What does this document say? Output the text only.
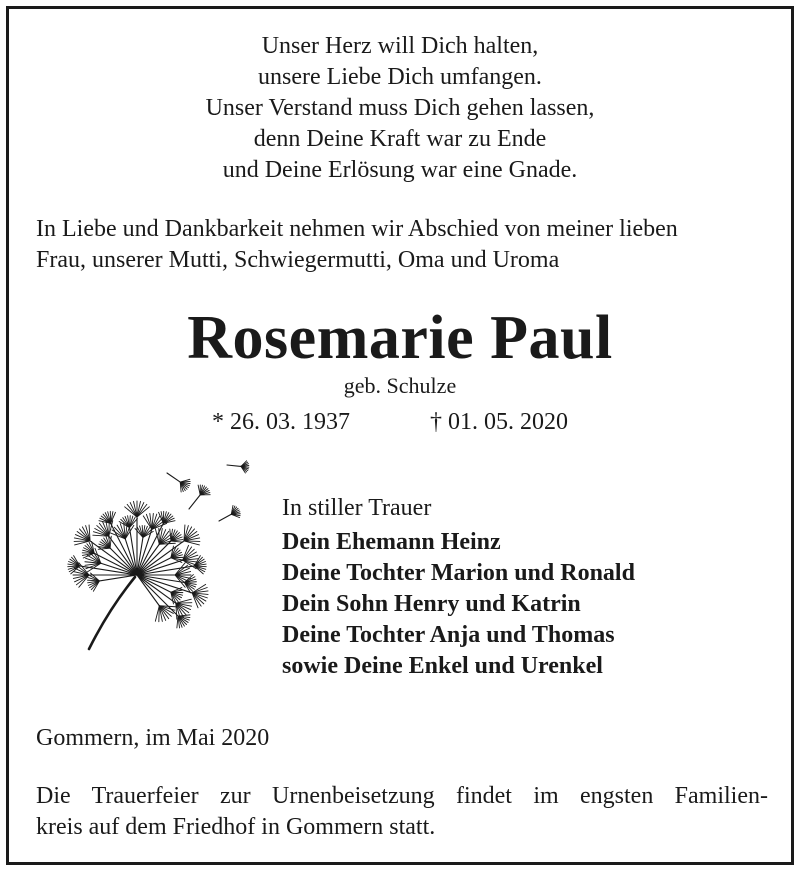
Unser Herz will Dich halten,
unsere Liebe Dich umfangen.
Unser Verstand muss Dich gehen lassen,
denn Deine Kraft war zu Ende
und Deine Erlösung war eine Gnade.
In Liebe und Dankbarkeit nehmen wir Abschied von meiner lieben
Frau, unserer Mutti, Schwiegermutti, Oma und Uroma
Rosemarie Paul
geb. Schulze
* 26. 03. 1937	† 01. 05. 2020
In stiller Trauer
Dein Ehemann Heinz
Deine Tochter Marion und Ronald
Dein Sohn Henry und Katrin
Deine Tochter Anja und Thomas
sowie Deine Enkel und Urenkel
Gommern, im Mai 2020
Die Trauerfeier zur Urnenbeisetzung findet im engsten Familien-
kreis auf dem Friedhof in Gommern statt.
